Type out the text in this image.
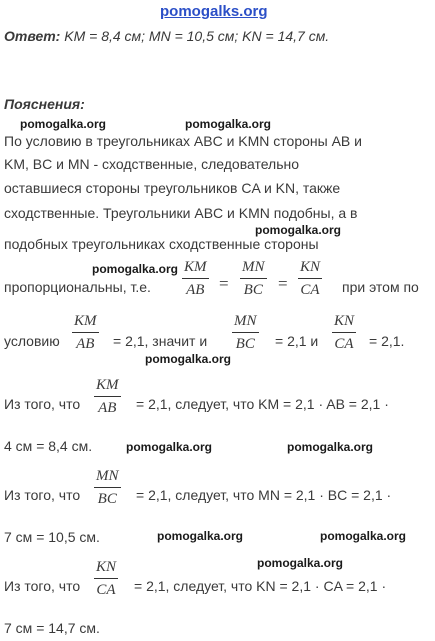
pomogalks.org
Ответ: KM = 8,4 см; MN = 10,5 см; KN = 14,7 см.
Пояснения:
pomogalka.org	pomogalka.org
По условию в треугольниках ABC и KMN стороны AB и
KM, BC и MN - сходственные, следовательно
оставшиеся стороны треугольников CA и KN, также
сходственные. Треугольники ABC и KMN подобны, а в
pomogalka.org
подобных треугольниках сходственные стороны
pomogalka.org
пропорциональны, т.е.
KM
AB =
MN
BC =
KN
CA при этом по
условию
KM
AB = 2,1, значит и
MN
BC = 2,1 и
KN
CA = 2,1.
pomogalka.org
Из того, что
KM
AB = 2,1, следует, что KM = 2,1 · AB = 2,1 ·
4 см = 8,4 см.	pomogalka.org	pomogalka.org
Из того, что
MN
BC = 2,1, следует, что MN = 2,1 · BC = 2,1 ·
7 см = 10,5 см.	pomogalka.org	pomogalka.org
pomogalka.org
Из того, что
KN
CA = 2,1, следует, что KN = 2,1 · CA = 2,1 ·
7 см = 14,7 см.
